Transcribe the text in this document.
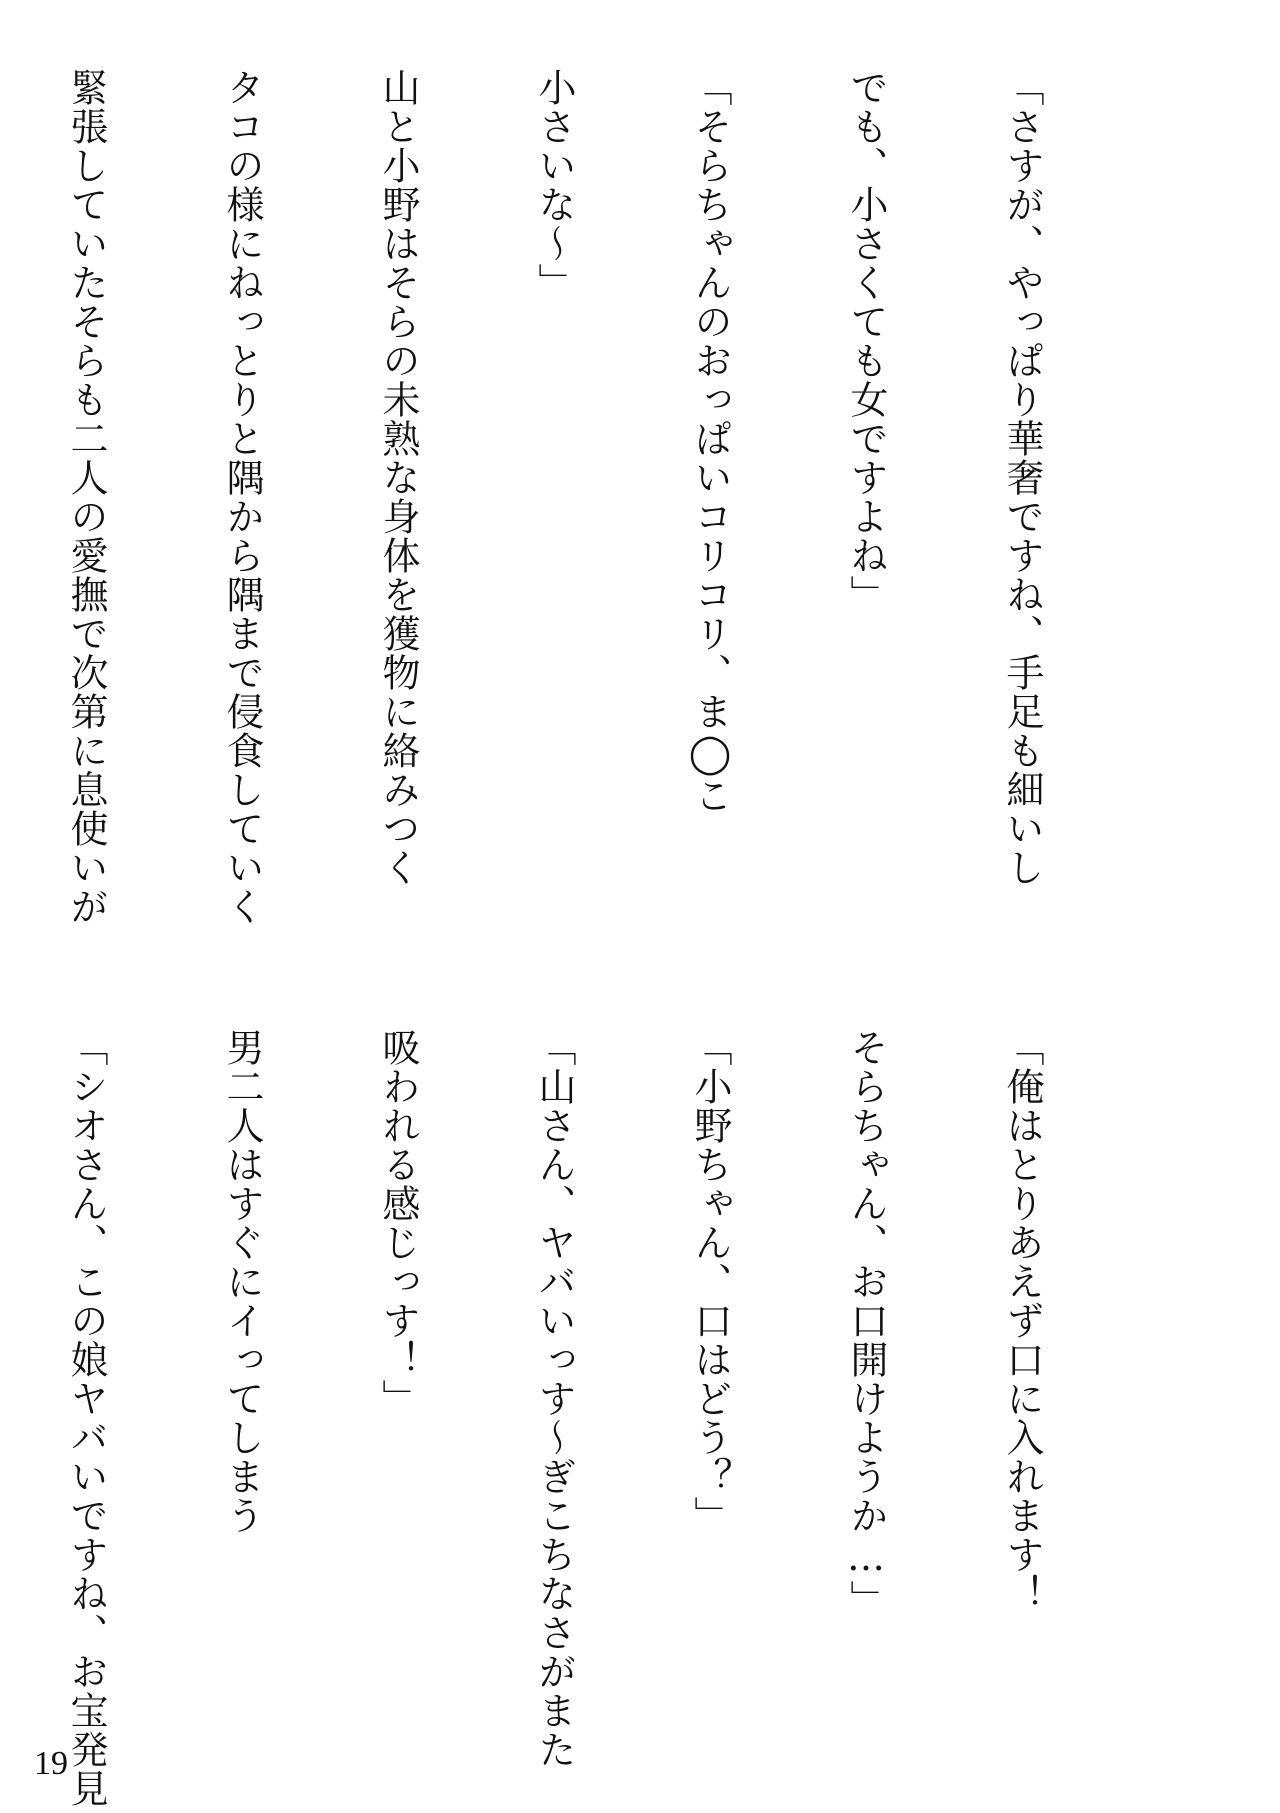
「さすが、やっぱり華奢ですね、手足も細いし

でも、小さくても女ですよね」

「そらちゃんのおっぱいコリコリ、ま◯こ

小さいな〜」

山と小野はそらの未熟な身体を獲物に絡みつく

タコの様にねっとりと隅から隅まで侵食していく

緊張していたそらも二人の愛撫で次第に息使いが

「俺はとりあえず口に入れます！

そらちゃん、お口開けようか…」

「小野ちゃん、口はどう？」

「山さん、ヤバいっす〜ぎこちなさがまた

吸われる感じっす！」

男二人はすぐにイってしまう

「シオさん、この娘ヤバいですね、お宝発見

19
